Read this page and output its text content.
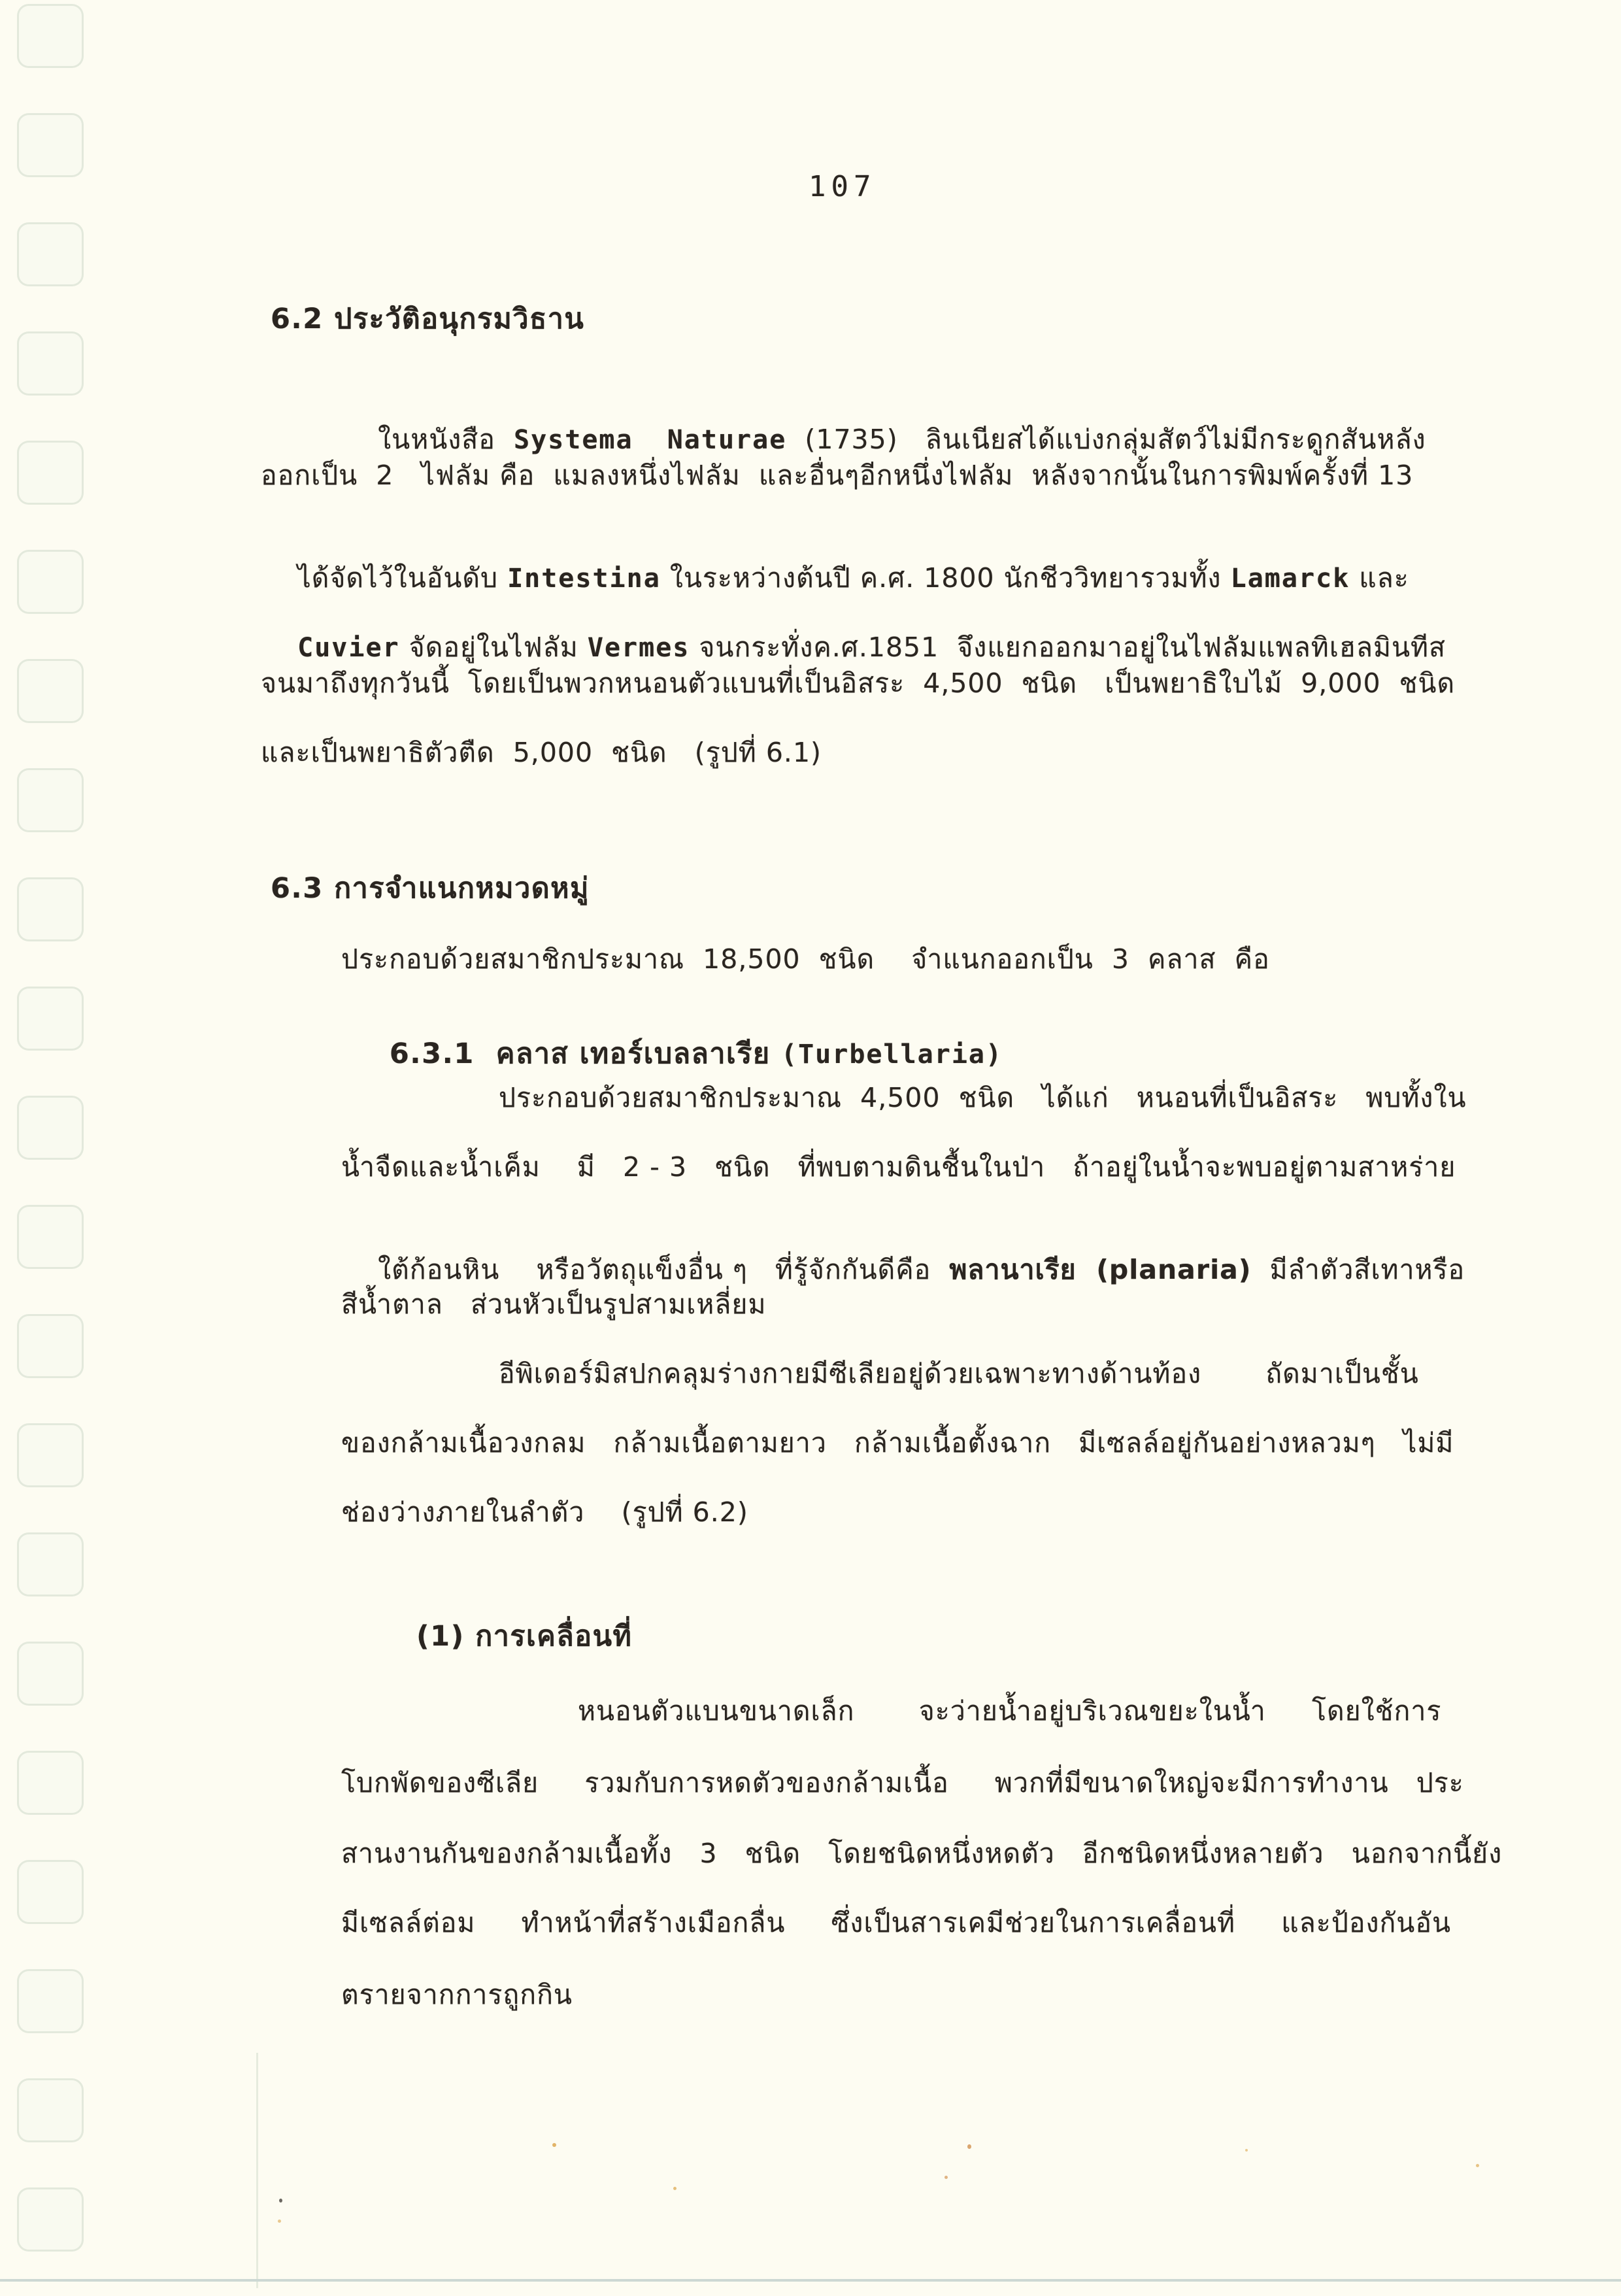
107
6.2 ประวัติอนุกรมวิธาน

ในหนังสือ  Systema  Naturae  (1735)   ลินเนียสได้แบ่งกลุ่มสัตว์ไม่มีกระดูกสันหลัง

ออกเป็น  2   ไฟลัม คือ  แมลงหนึ่งไฟลัม  และอื่นๆอีกหนึ่งไฟลัม  หลังจากนั้นในการพิมพ์ครั้งที่ 13

ได้จัดไว้ในอันดับ Intestina ในระหว่างต้นปี ค.ศ. 1800 นักชีววิทยารวมทั้ง Lamarck และ

Cuvier จัดอยู่ในไฟลัม Vermes จนกระทั่งค.ศ.1851  จึงแยกออกมาอยู่ในไฟลัมแพลทิเฮลมินทีส

จนมาถึงทุกวันนี้  โดยเป็นพวกหนอนตัวแบนที่เป็นอิสระ  4,500  ชนิด   เป็นพยาธิใบไม้  9,000  ชนิด
และเป็นพยาธิตัวตืด  5,000  ชนิด   (รูปที่ 6.1)
6.3 การจำแนกหมวดหมู่
ประกอบด้วยสมาชิกประมาณ  18,500  ชนิด    จำแนกออกเป็น  3  คลาส  คือ

6.3.1  คลาส เทอร์เบลลาเรีย (Turbellaria)

ประกอบด้วยสมาชิกประมาณ  4,500  ชนิด   ได้แก่   หนอนที่เป็นอิสระ   พบทั้งใน
น้ำจืดและน้ำเค็ม    มี   2 - 3   ชนิด   ที่พบตามดินชื้นในป่า   ถ้าอยู่ในน้ำจะพบอยู่ตามสาหร่าย

ใต้ก้อนหิน    หรือวัตถุแข็งอื่น ๆ   ที่รู้จักกันดีคือ  พลานาเรีย  (planaria)  มีลำตัวสีเทาหรือ

สีน้ำตาล   ส่วนหัวเป็นรูปสามเหลี่ยม
อีพิเดอร์มิสปกคลุมร่างกายมีซีเลียอยู่ด้วยเฉพาะทางด้านท้อง       ถัดมาเป็นชั้น
ของกล้ามเนื้อวงกลม   กล้ามเนื้อตามยาว   กล้ามเนื้อตั้งฉาก   มีเซลล์อยู่กันอย่างหลวมๆ   ไม่มี
ช่องว่างภายในลำตัว    (รูปที่ 6.2)
(1) การเคลื่อนที่
หนอนตัวแบนขนาดเล็ก       จะว่ายน้ำอยู่บริเวณขยะในน้ำ     โดยใช้การ
โบกพัดของซีเลีย     รวมกับการหดตัวของกล้ามเนื้อ     พวกที่มีขนาดใหญ่จะมีการทำงาน   ประ
สานงานกันของกล้ามเนื้อทั้ง   3   ชนิด   โดยชนิดหนึ่งหดตัว   อีกชนิดหนึ่งหลายตัว   นอกจากนี้ยัง
มีเซลล์ต่อม     ทำหน้าที่สร้างเมือกลื่น     ซึ่งเป็นสารเคมีช่วยในการเคลื่อนที่     และป้องกันอัน
ตรายจากการถูกกิน
